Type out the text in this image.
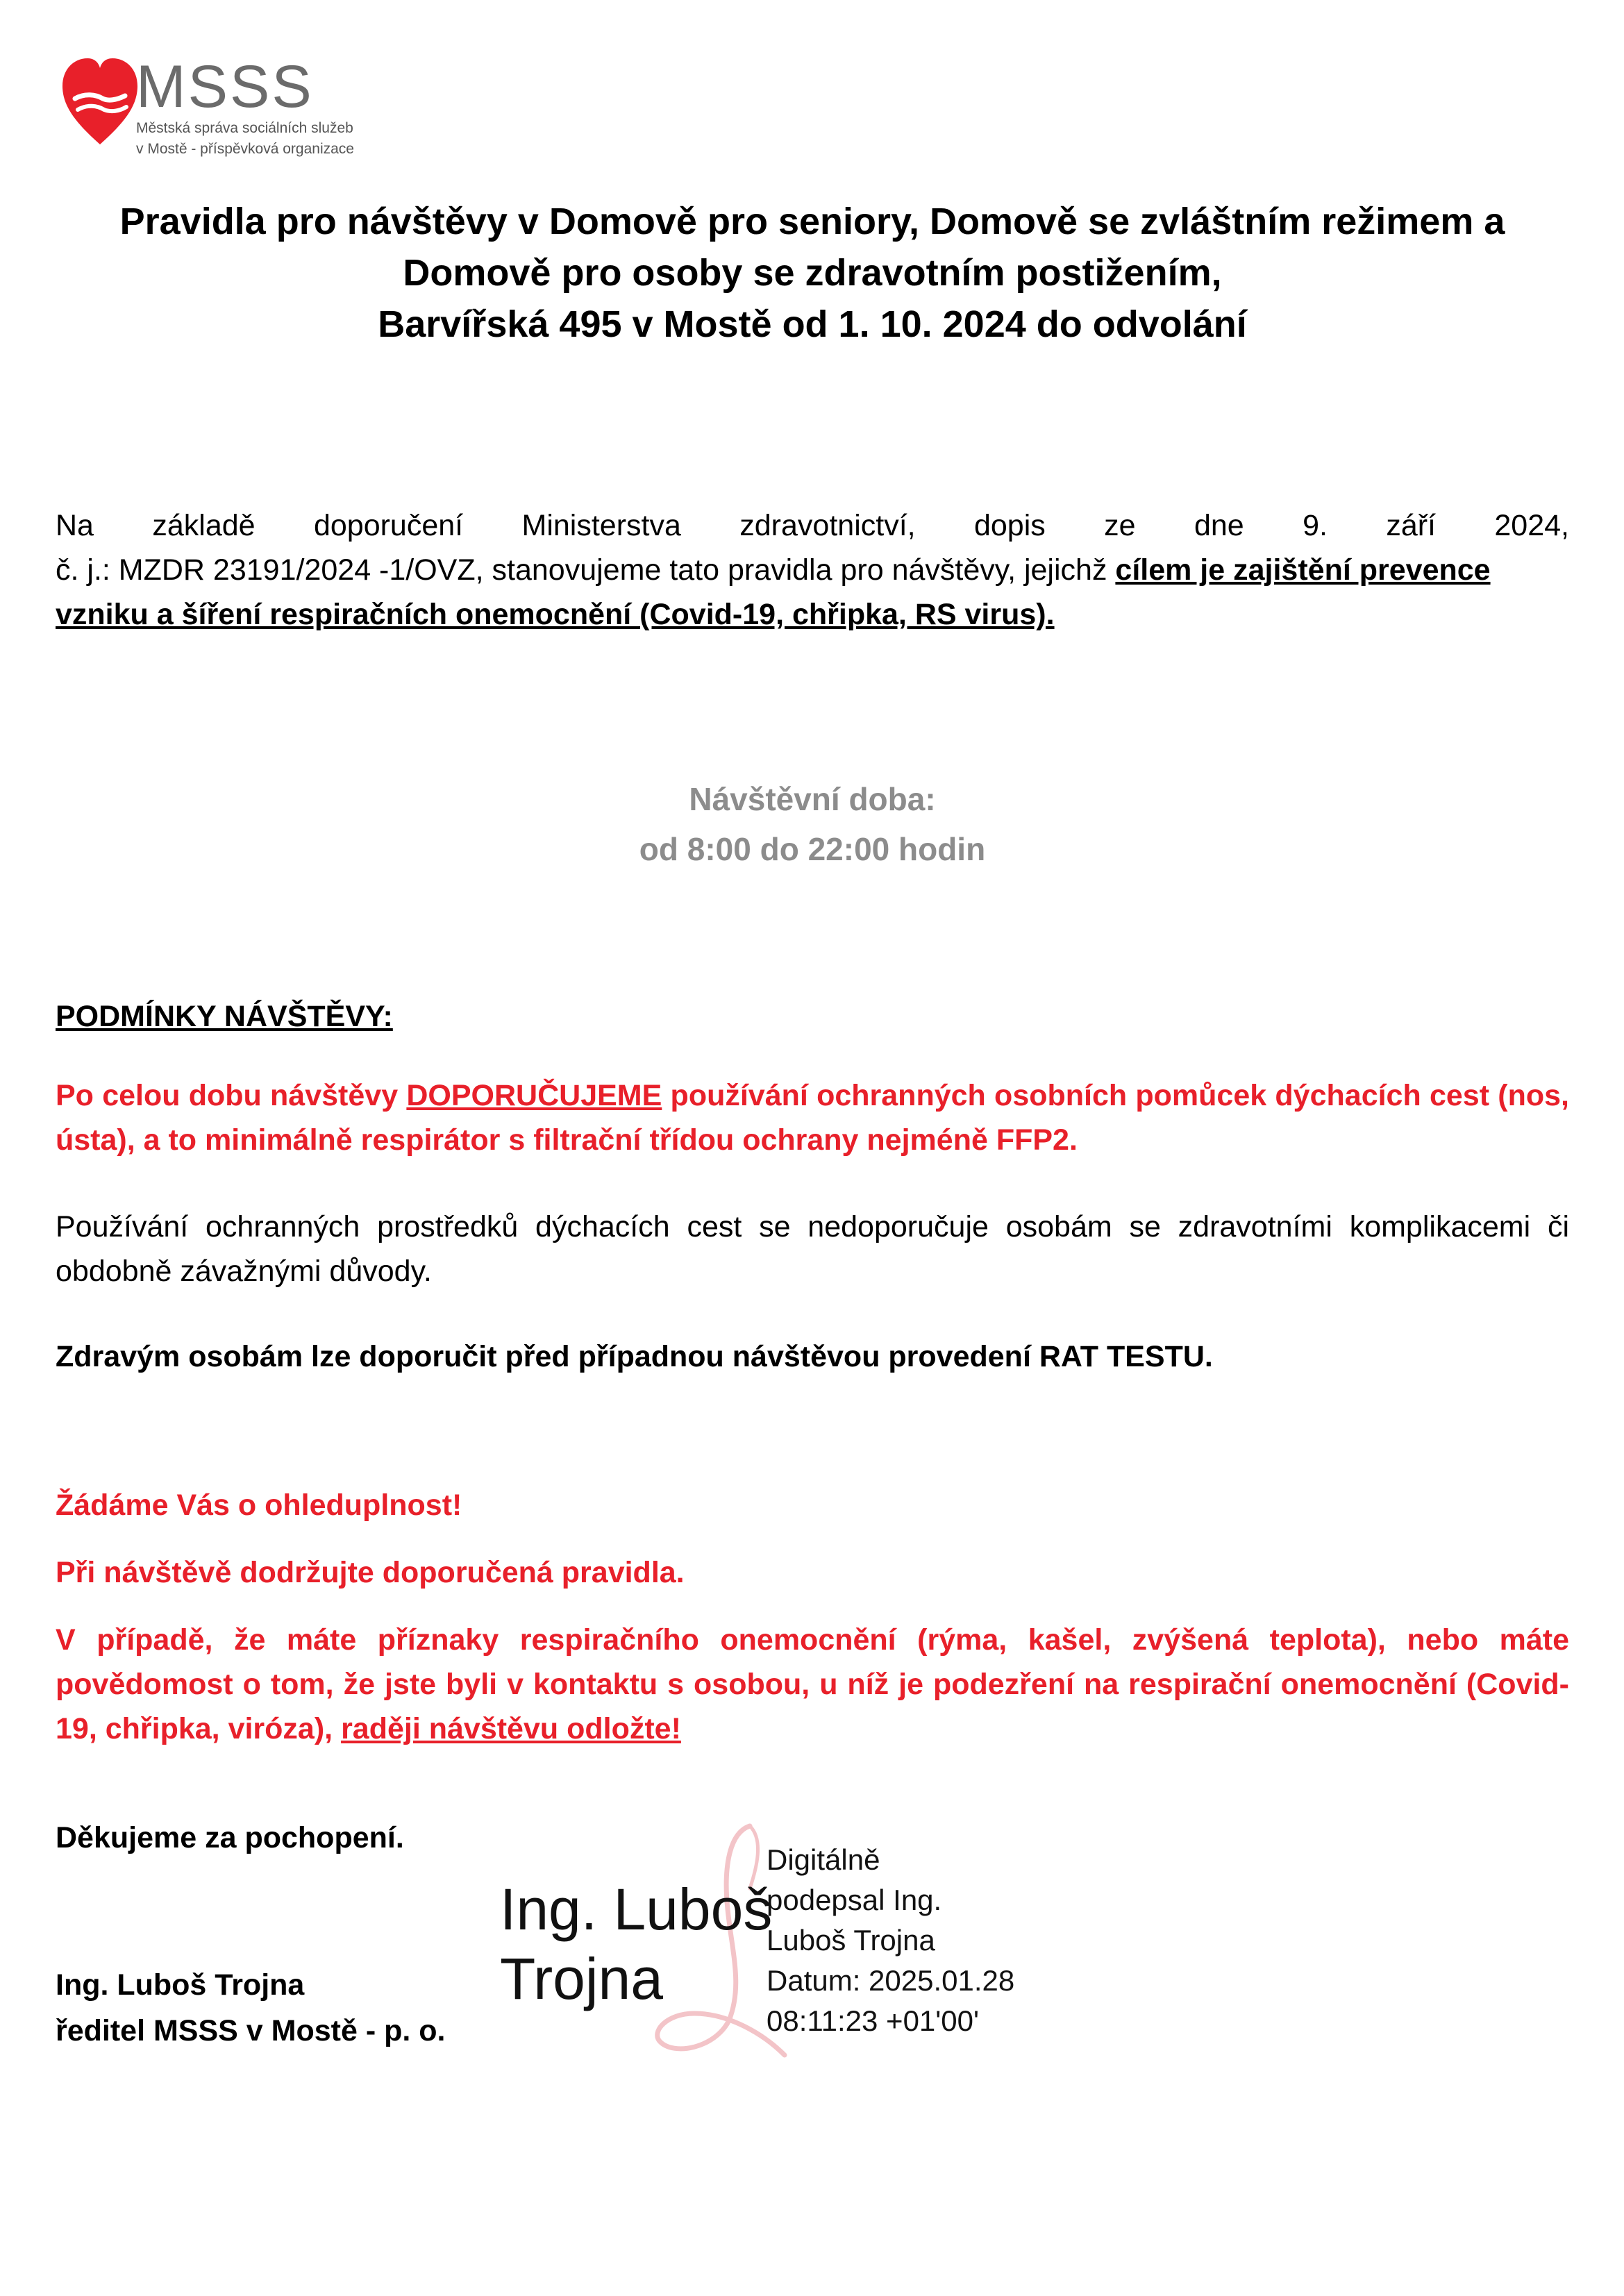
MSSS
Městská správa sociálních služeb
v Mostě - příspěvková organizace
Pravidla pro návštěvy v Domově pro seniory, Domově se zvláštním režimem a
Domově pro osoby se zdravotním postižením,
Barvířská 495 v Mostě od 1. 10. 2024 do odvolání
Na základě doporučení Ministerstva zdravotnictví, dopis ze dne 9. září 2024,
č. j.: MZDR 23191/2024 -1/OVZ, stanovujeme tato pravidla pro návštěvy, jejichž cílem je zajištění prevence
vzniku a šíření respiračních onemocnění (Covid-19, chřipka, RS virus).
Návštěvní doba:
od 8:00 do 22:00 hodin
PODMÍNKY NÁVŠTĚVY:
Po celou dobu návštěvy DOPORUČUJEME používání ochranných osobních pomůcek dýchacích cest (nos,
ústa), a to minimálně respirátor s filtrační třídou ochrany nejméně FFP2.
Používání ochranných prostředků dýchacích cest se nedoporučuje osobám se zdravotními komplikacemi či
obdobně závažnými důvody.
Zdravým osobám lze doporučit před případnou návštěvou provedení RAT TESTU.
Žádáme Vás o ohleduplnost!
Při návštěvě dodržujte doporučená pravidla.
V případě, že máte příznaky respiračního onemocnění (rýma, kašel, zvýšená teplota), nebo máte
povědomost o tom, že jste byli v kontaktu s osobou, u níž je podezření na respirační onemocnění (Covid-
19, chřipka, viróza), raději návštěvu odložte!
Děkujeme za pochopení.
Ing. Luboš Trojna
ředitel MSSS v Mostě - p. o.
Ing. Luboš
Trojna
Digitálně
podepsal Ing.
Luboš Trojna
Datum: 2025.01.28
08:11:23 +01'00'
